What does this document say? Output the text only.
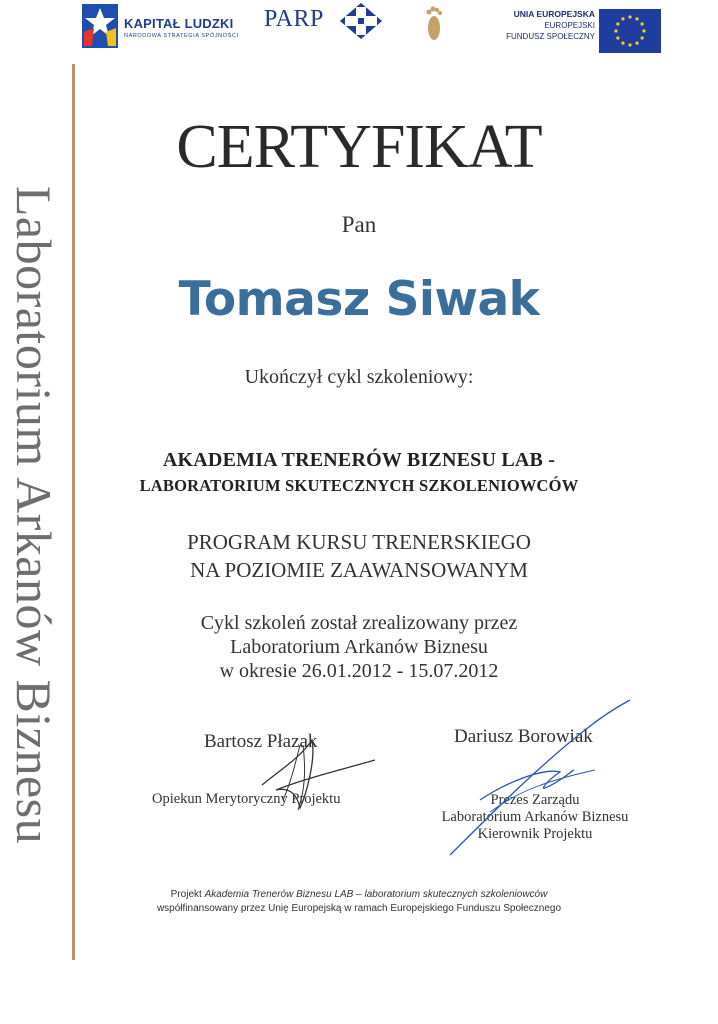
KAPITAŁ LUDZKI
NARODOWA STRATEGIA SPÓJNOŚCI
PARP	UNIA EUROPEJSKA
EUROPEJSKI
FUNDUSZ SPOŁECZNY
Laboratorium Arkanów Biznesu
CERTYFIKAT
Pan
Tomasz Siwak
Ukończył cykl szkoleniowy:
AKADEMIA TRENERÓW BIZNESU LAB -
LABORATORIUM SKUTECZNYCH SZKOLENIOWCÓW
PROGRAM KURSU TRENERSKIEGO
NA POZIOMIE ZAAWANSOWANYM
Cykl szkoleń został zrealizowany przez
Laboratorium Arkanów Biznesu
w okresie 26.01.2012 - 15.07.2012
Bartosz Płazak
Opiekun Merytoryczny Projektu
Dariusz Borowiak
Prezes Zarządu
Laboratorium Arkanów Biznesu
Kierownik Projektu
Projekt Akademia Trenerów Biznesu LAB – laboratorium skutecznych szkoleniowców
współfinansowany przez Unię Europejską w ramach Europejskiego Funduszu Społecznego
